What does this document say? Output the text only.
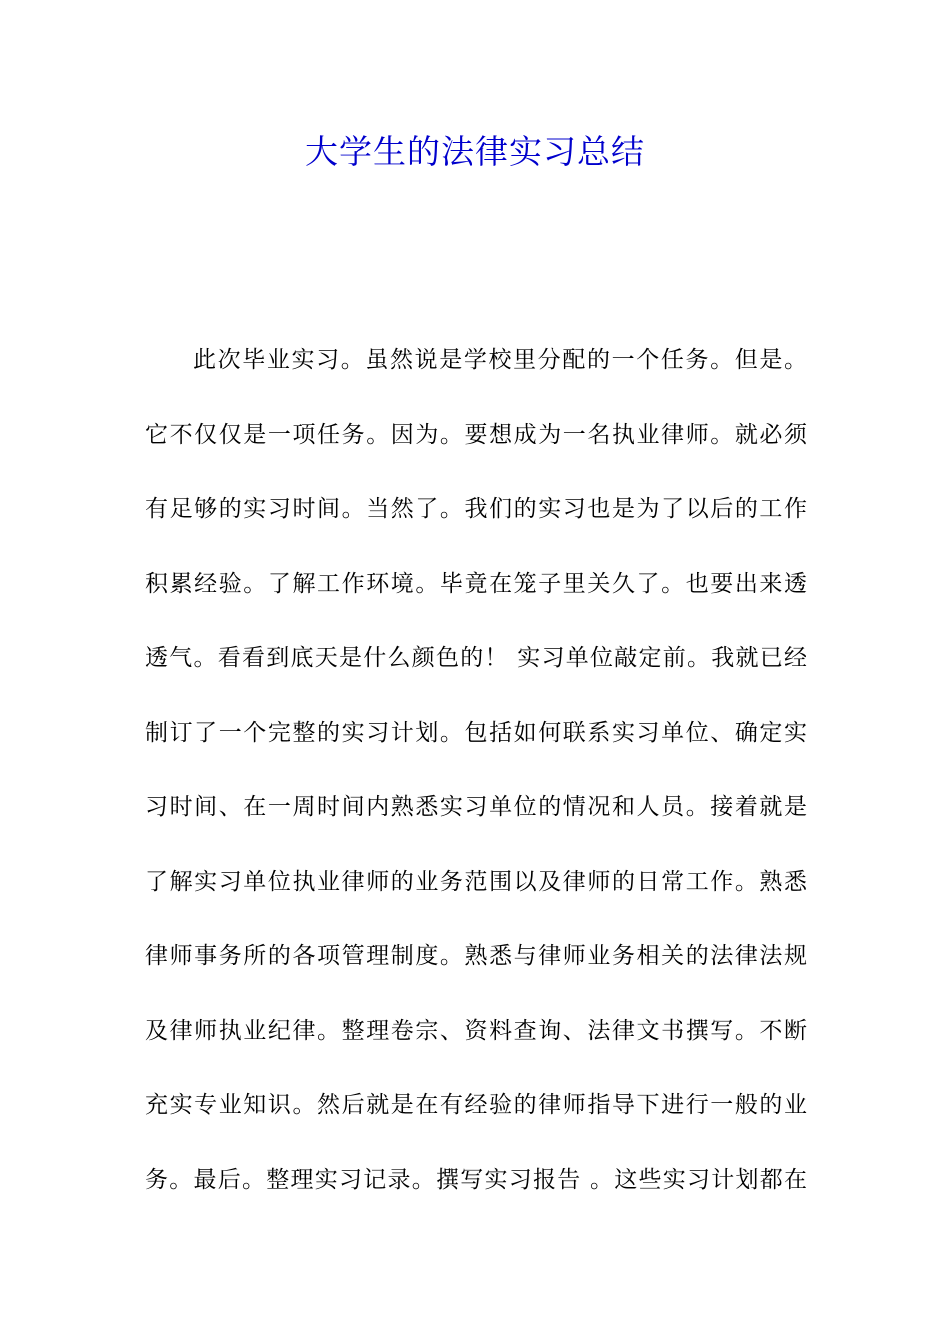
大学生的法律实习总结
此次毕业实习。虽然说是学校里分配的一个任务。但是。
它不仅仅是一项任务。因为。要想成为一名执业律师。就必须
有足够的实习时间。当然了。我们的实习也是为了以后的工作
积累经验。了解工作环境。毕竟在笼子里关久了。也要出来透
透气。看看到底天是什么颜色的！ 实习单位敲定前。我就已经
制订了一个完整的实习计划。包括如何联系实习单位、确定实
习时间、在一周时间内熟悉实习单位的情况和人员。接着就是
了解实习单位执业律师的业务范围以及律师的日常工作。熟悉
律师事务所的各项管理制度。熟悉与律师业务相关的法律法规
及律师执业纪律。整理卷宗、资料查询、法律文书撰写。不断
充实专业知识。然后就是在有经验的律师指导下进行一般的业
务。最后。整理实习记录。撰写实习报告 。这些实习计划都在
